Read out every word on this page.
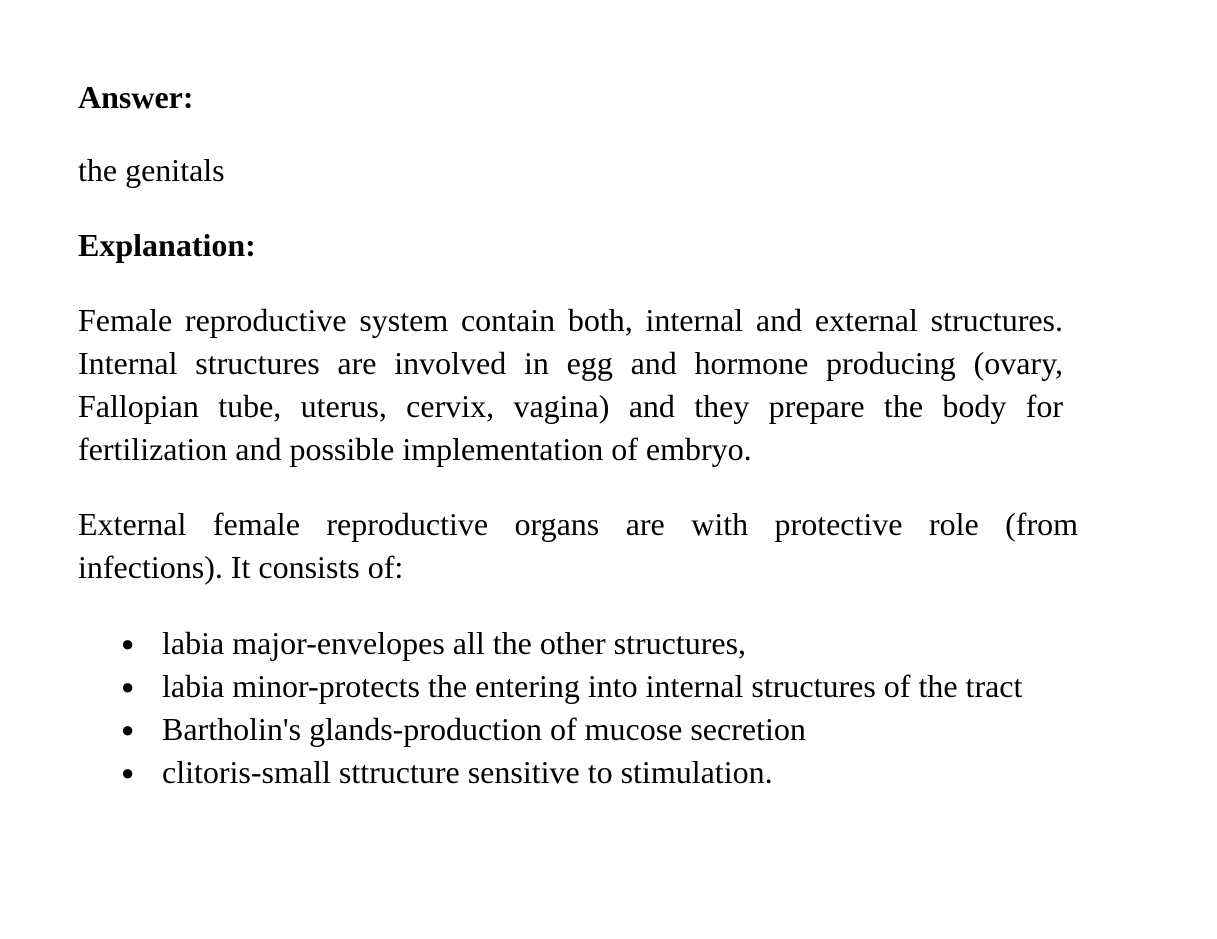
Answer:

the genitals

Explanation:

Female reproductive system contain both, internal and external structures. Internal structures are involved in egg and hormone producing (ovary, Fallopian tube, uterus, cervix, vagina) and they prepare the body for fertilization and possible implementation of embryo.

External female reproductive organs are with protective role (from infections). It consists of:

● labia major-envelopes all the other structures,
● labia minor-protects the entering into internal structures of the tract
● Bartholin's glands-production of mucose secretion
● clitoris-small sttructure sensitive to stimulation.
